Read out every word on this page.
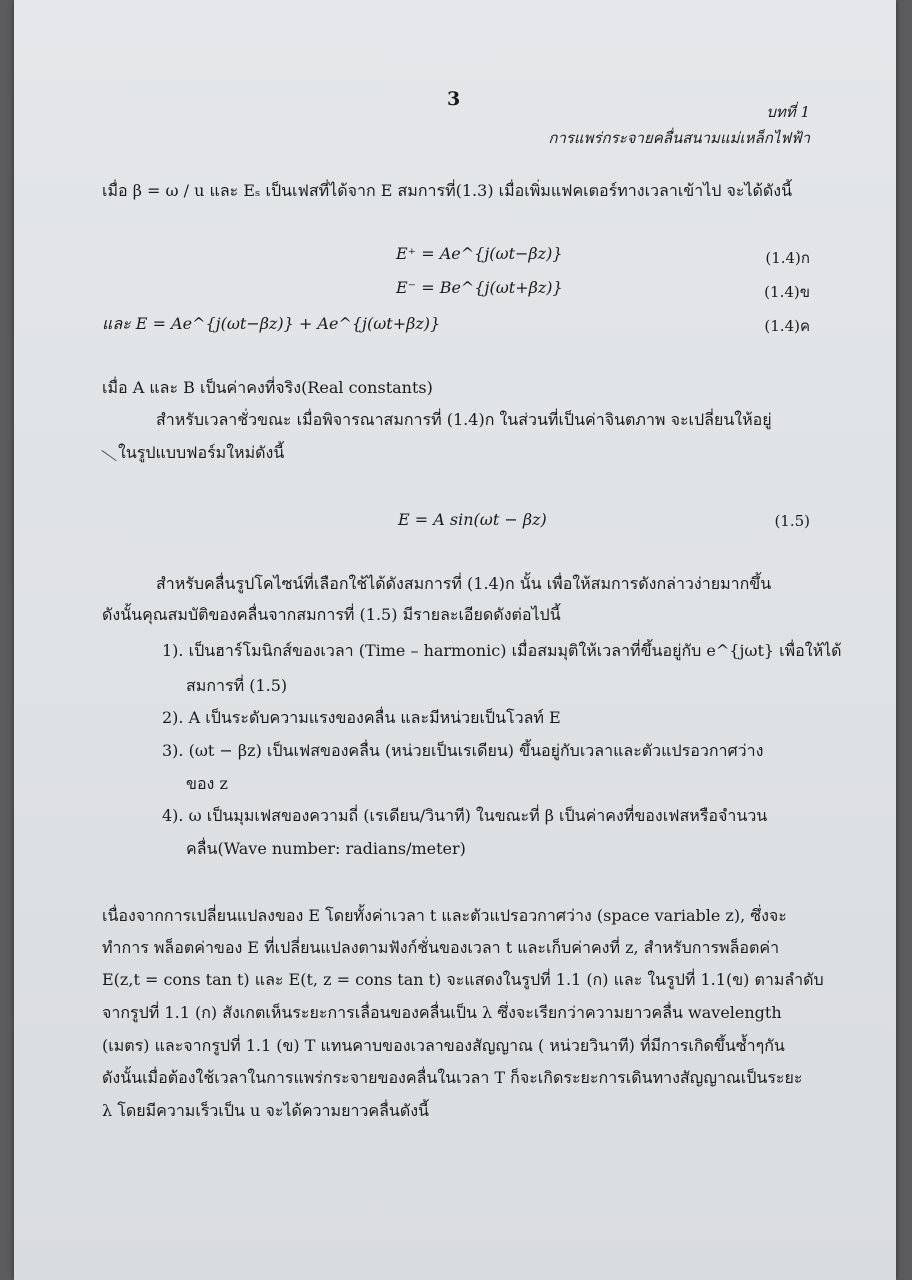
3
บทที่ 1
การแพร่กระจายคลื่นสนามแม่เหล็กไฟฟ้า
เมื่อ β = ω / u และ Eₛ เป็นเฟสที่ได้จาก E สมการที่(1.3) เมื่อเพิ่มแฟคเตอร์ทางเวลาเข้าไป จะได้ดังนี้
E⁺ = Ae^{j(ωt−βz)}	(1.4)ก
E⁻ = Be^{j(ωt+βz)}	(1.4)ข
และ E = Ae^{j(ωt−βz)} + Ae^{j(ωt+βz)}	(1.4)ค
เมื่อ A และ B เป็นค่าคงที่จริง(Real constants)
สำหรับเวลาชั่วขณะ เมื่อพิจารณาสมการที่ (1.4)ก ในส่วนที่เป็นค่าจินตภาพ จะเปลี่ยนให้อยู่
ในรูปแบบฟอร์มใหม่ดังนี้
E = A sin(ωt − βz)	(1.5)
สำหรับคลื่นรูปโคไซน์ที่เลือกใช้ได้ดังสมการที่ (1.4)ก นั้น เพื่อให้สมการดังกล่าวง่ายมากขึ้น
ดังนั้นคุณสมบัติของคลื่นจากสมการที่ (1.5) มีรายละเอียดดังต่อไปนี้
1). เป็นฮาร์โมนิกส์ของเวลา (Time – harmonic) เมื่อสมมุติให้เวลาที่ขึ้นอยู่กับ e^{jωt} เพื่อให้ได้
สมการที่ (1.5)
2). A เป็นระดับความแรงของคลื่น และมีหน่วยเป็นโวลท์ E
3). (ωt − βz) เป็นเฟสของคลื่น (หน่วยเป็นเรเดียน) ขึ้นอยู่กับเวลาและตัวแปรอวกาศว่าง
ของ z
4). ω เป็นมุมเฟสของความถี่ (เรเดียน/วินาที) ในขณะที่ β เป็นค่าคงที่ของเฟสหรือจำนวน
คลื่น(Wave number: radians/meter)
เนื่องจากการเปลี่ยนแปลงของ E โดยทั้งค่าเวลา t และตัวแปรอวกาศว่าง (space variable z), ซึ่งจะ
ทำการ พล็อตค่าของ E ที่เปลี่ยนแปลงตามฟังก์ชั่นของเวลา t และเก็บค่าคงที่ z, สำหรับการพล็อตค่า
E(z,t = cons tan t) และ E(t, z = cons tan t) จะแสดงในรูปที่ 1.1 (ก) และ ในรูปที่ 1.1(ข) ตามลำดับ
จากรูปที่ 1.1 (ก) สังเกตเห็นระยะการเลื่อนของคลื่นเป็น λ ซึ่งจะเรียกว่าความยาวคลื่น wavelength
(เมตร) และจากรูปที่ 1.1 (ข) T แทนคาบของเวลาของสัญญาณ ( หน่วยวินาที) ที่มีการเกิดขึ้นซ้ำๆกัน
ดังนั้นเมื่อต้องใช้เวลาในการแพร่กระจายของคลื่นในเวลา T ก็จะเกิดระยะการเดินทางสัญญาณเป็นระยะ
λ โดยมีความเร็วเป็น u จะได้ความยาวคลื่นดังนี้
